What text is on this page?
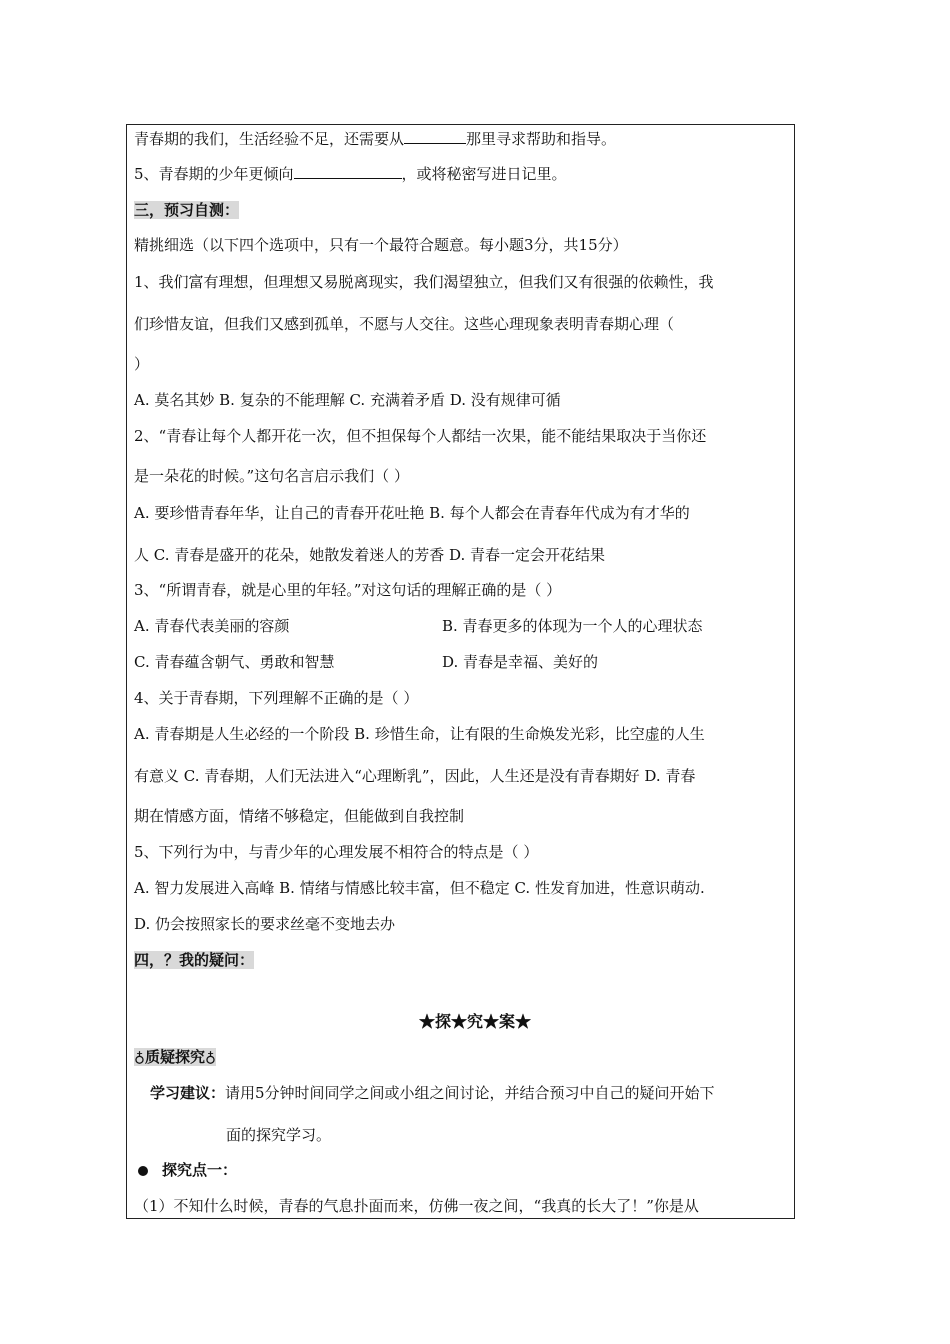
青春期的我们，生活经验不足，还需要从	那里寻求帮助和指导。
5、青春期的少年更倾向	，或将秘密写进日记里。
三，预习自测：
精挑细选（以下四个选项中，只有一个最符合题意。每小题3分，共15分）
1、我们富有理想，但理想又易脱离现实，我们渴望独立，但我们又有很强的依赖性，我
们珍惜友谊，但我们又感到孤单，不愿与人交往。这些心理现象表明青春期心理（
）
A. 莫名其妙 B. 复杂的不能理解 C. 充满着矛盾 D. 没有规律可循
2、“青春让每个人都开花一次，但不担保每个人都结一次果，能不能结果取决于当你还
是一朵花的时候。”这句名言启示我们（ ）
A. 要珍惜青春年华，让自己的青春开花吐艳 B. 每个人都会在青春年代成为有才华的
人 C. 青春是盛开的花朵，她散发着迷人的芳香 D. 青春一定会开花结果
3、“所谓青春，就是心里的年轻。”对这句话的理解正确的是（ ）
A. 青春代表美丽的容颜	B. 青春更多的体现为一个人的心理状态
C. 青春蕴含朝气、勇敢和智慧	D. 青春是幸福、美好的
4、关于青春期，下列理解不正确的是（ ）
A. 青春期是人生必经的一个阶段 B. 珍惜生命，让有限的生命焕发光彩，比空虚的人生
有意义 C. 青春期，人们无法进入“心理断乳”，因此，人生还是没有青春期好 D. 青春
期在情感方面，情绪不够稳定，但能做到自我控制
5、下列行为中，与青少年的心理发展不相符合的特点是（ ）
A. 智力发展进入高峰 B. 情绪与情感比较丰富，但不稳定 C. 性发育加进，性意识萌动.
D. 仍会按照家长的要求丝毫不变地去办
四，？我的疑问：
★探★究★案★
♁质疑探究♁
学习建议：请用5分钟时间同学之间或小组之间讨论，并结合预习中自己的疑问开始下
面的探究学习。
探究点一：
（1）不知什么时候，青春的气息扑面而来，仿佛一夜之间，“我真的长大了！”你是从
